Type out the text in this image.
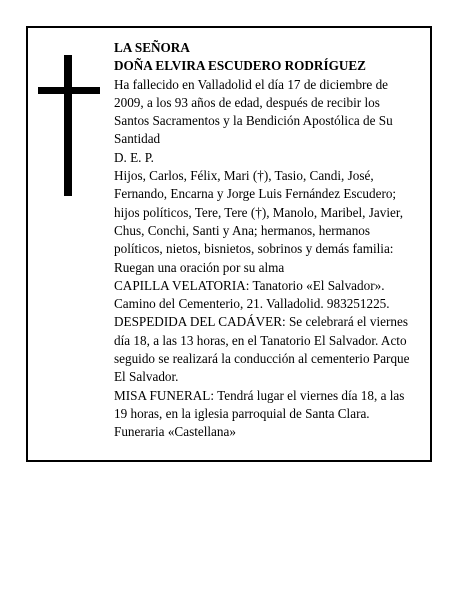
LA SEÑORA

DOÑA ELVIRA ESCUDERO RODRÍGUEZ

Ha fallecido en Valladolid el día 17 de diciembre de 2009, a los 93 años de edad, después de recibir los Santos Sacramentos y la Bendición Apostólica de Su Santidad

D. E. P.

Hijos, Carlos, Félix, Mari (†), Tasio, Candi, José, Fernando, Encarna y Jorge Luis Fernández Escudero; hijos políticos, Tere, Tere (†), Manolo, Maribel, Javier, Chus, Conchi, Santi y Ana; hermanos, hermanos políticos, nietos, bisnietos, sobrinos y demás familia:

Ruegan una oración por su alma

CAPILLA VELATORIA: Tanatorio «El Salvador». Camino del Cementerio, 21. Valladolid. 983251225.

DESPEDIDA DEL CADÁVER: Se celebrará el viernes día 18, a las 13 horas, en el Tanatorio El Salvador. Acto seguido se realizará la conducción al cementerio Parque El Salvador.

MISA FUNERAL: Tendrá lugar el viernes día 18, a las 19 horas, en la iglesia parroquial de Santa Clara.

Funeraria «Castellana»
